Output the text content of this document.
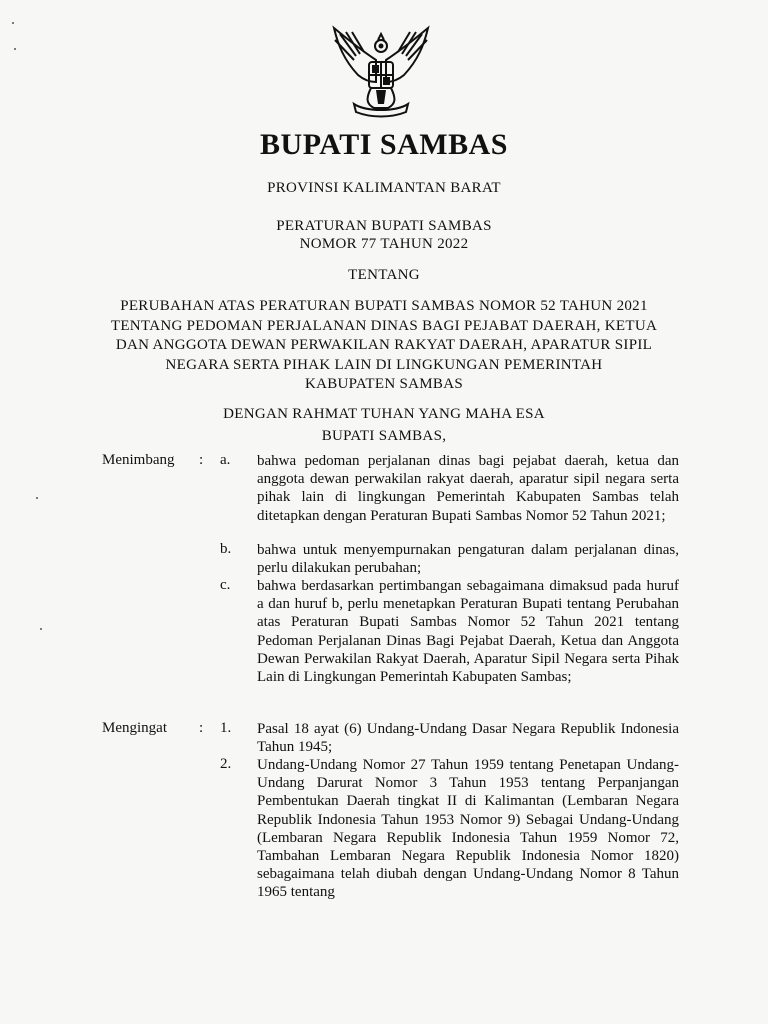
BUPATI SAMBAS
PROVINSI KALIMANTAN BARAT
PERATURAN BUPATI SAMBAS
NOMOR 77 TAHUN 2022
TENTANG
PERUBAHAN ATAS PERATURAN BUPATI SAMBAS NOMOR 52 TAHUN 2021
TENTANG PEDOMAN PERJALANAN DINAS BAGI PEJABAT DAERAH, KETUA
DAN ANGGOTA DEWAN PERWAKILAN RAKYAT DAERAH, APARATUR SIPIL
NEGARA SERTA PIHAK LAIN DI LINGKUNGAN PEMERINTAH
KABUPATEN SAMBAS
DENGAN RAHMAT TUHAN YANG MAHA ESA
BUPATI SAMBAS,
Menimbang : a. bahwa pedoman perjalanan dinas bagi pejabat daerah, ketua dan anggota dewan perwakilan rakyat daerah, aparatur sipil negara serta pihak lain di lingkungan Pemerintah Kabupaten Sambas telah ditetapkan dengan Peraturan Bupati Sambas Nomor 52 Tahun 2021;
b. bahwa untuk menyempurnakan pengaturan dalam perjalanan dinas, perlu dilakukan perubahan;
c. bahwa berdasarkan pertimbangan sebagaimana dimaksud pada huruf a dan huruf b, perlu menetapkan Peraturan Bupati tentang Perubahan atas Peraturan Bupati Sambas Nomor 52 Tahun 2021 tentang Pedoman Perjalanan Dinas Bagi Pejabat Daerah, Ketua dan Anggota Dewan Perwakilan Rakyat Daerah, Aparatur Sipil Negara serta Pihak Lain di Lingkungan Pemerintah Kabupaten Sambas;
Mengingat : 1. Pasal 18 ayat (6) Undang-Undang Dasar Negara Republik Indonesia Tahun 1945;
2. Undang-Undang Nomor 27 Tahun 1959 tentang Penetapan Undang-Undang Darurat Nomor 3 Tahun 1953 tentang Perpanjangan Pembentukan Daerah tingkat II di Kalimantan (Lembaran Negara Republik Indonesia Tahun 1953 Nomor 9) Sebagai Undang-Undang (Lembaran Negara Republik Indonesia Tahun 1959 Nomor 72, Tambahan Lembaran Negara Republik Indonesia Nomor 1820) sebagaimana telah diubah dengan Undang-Undang Nomor 8 Tahun 1965 tentang
